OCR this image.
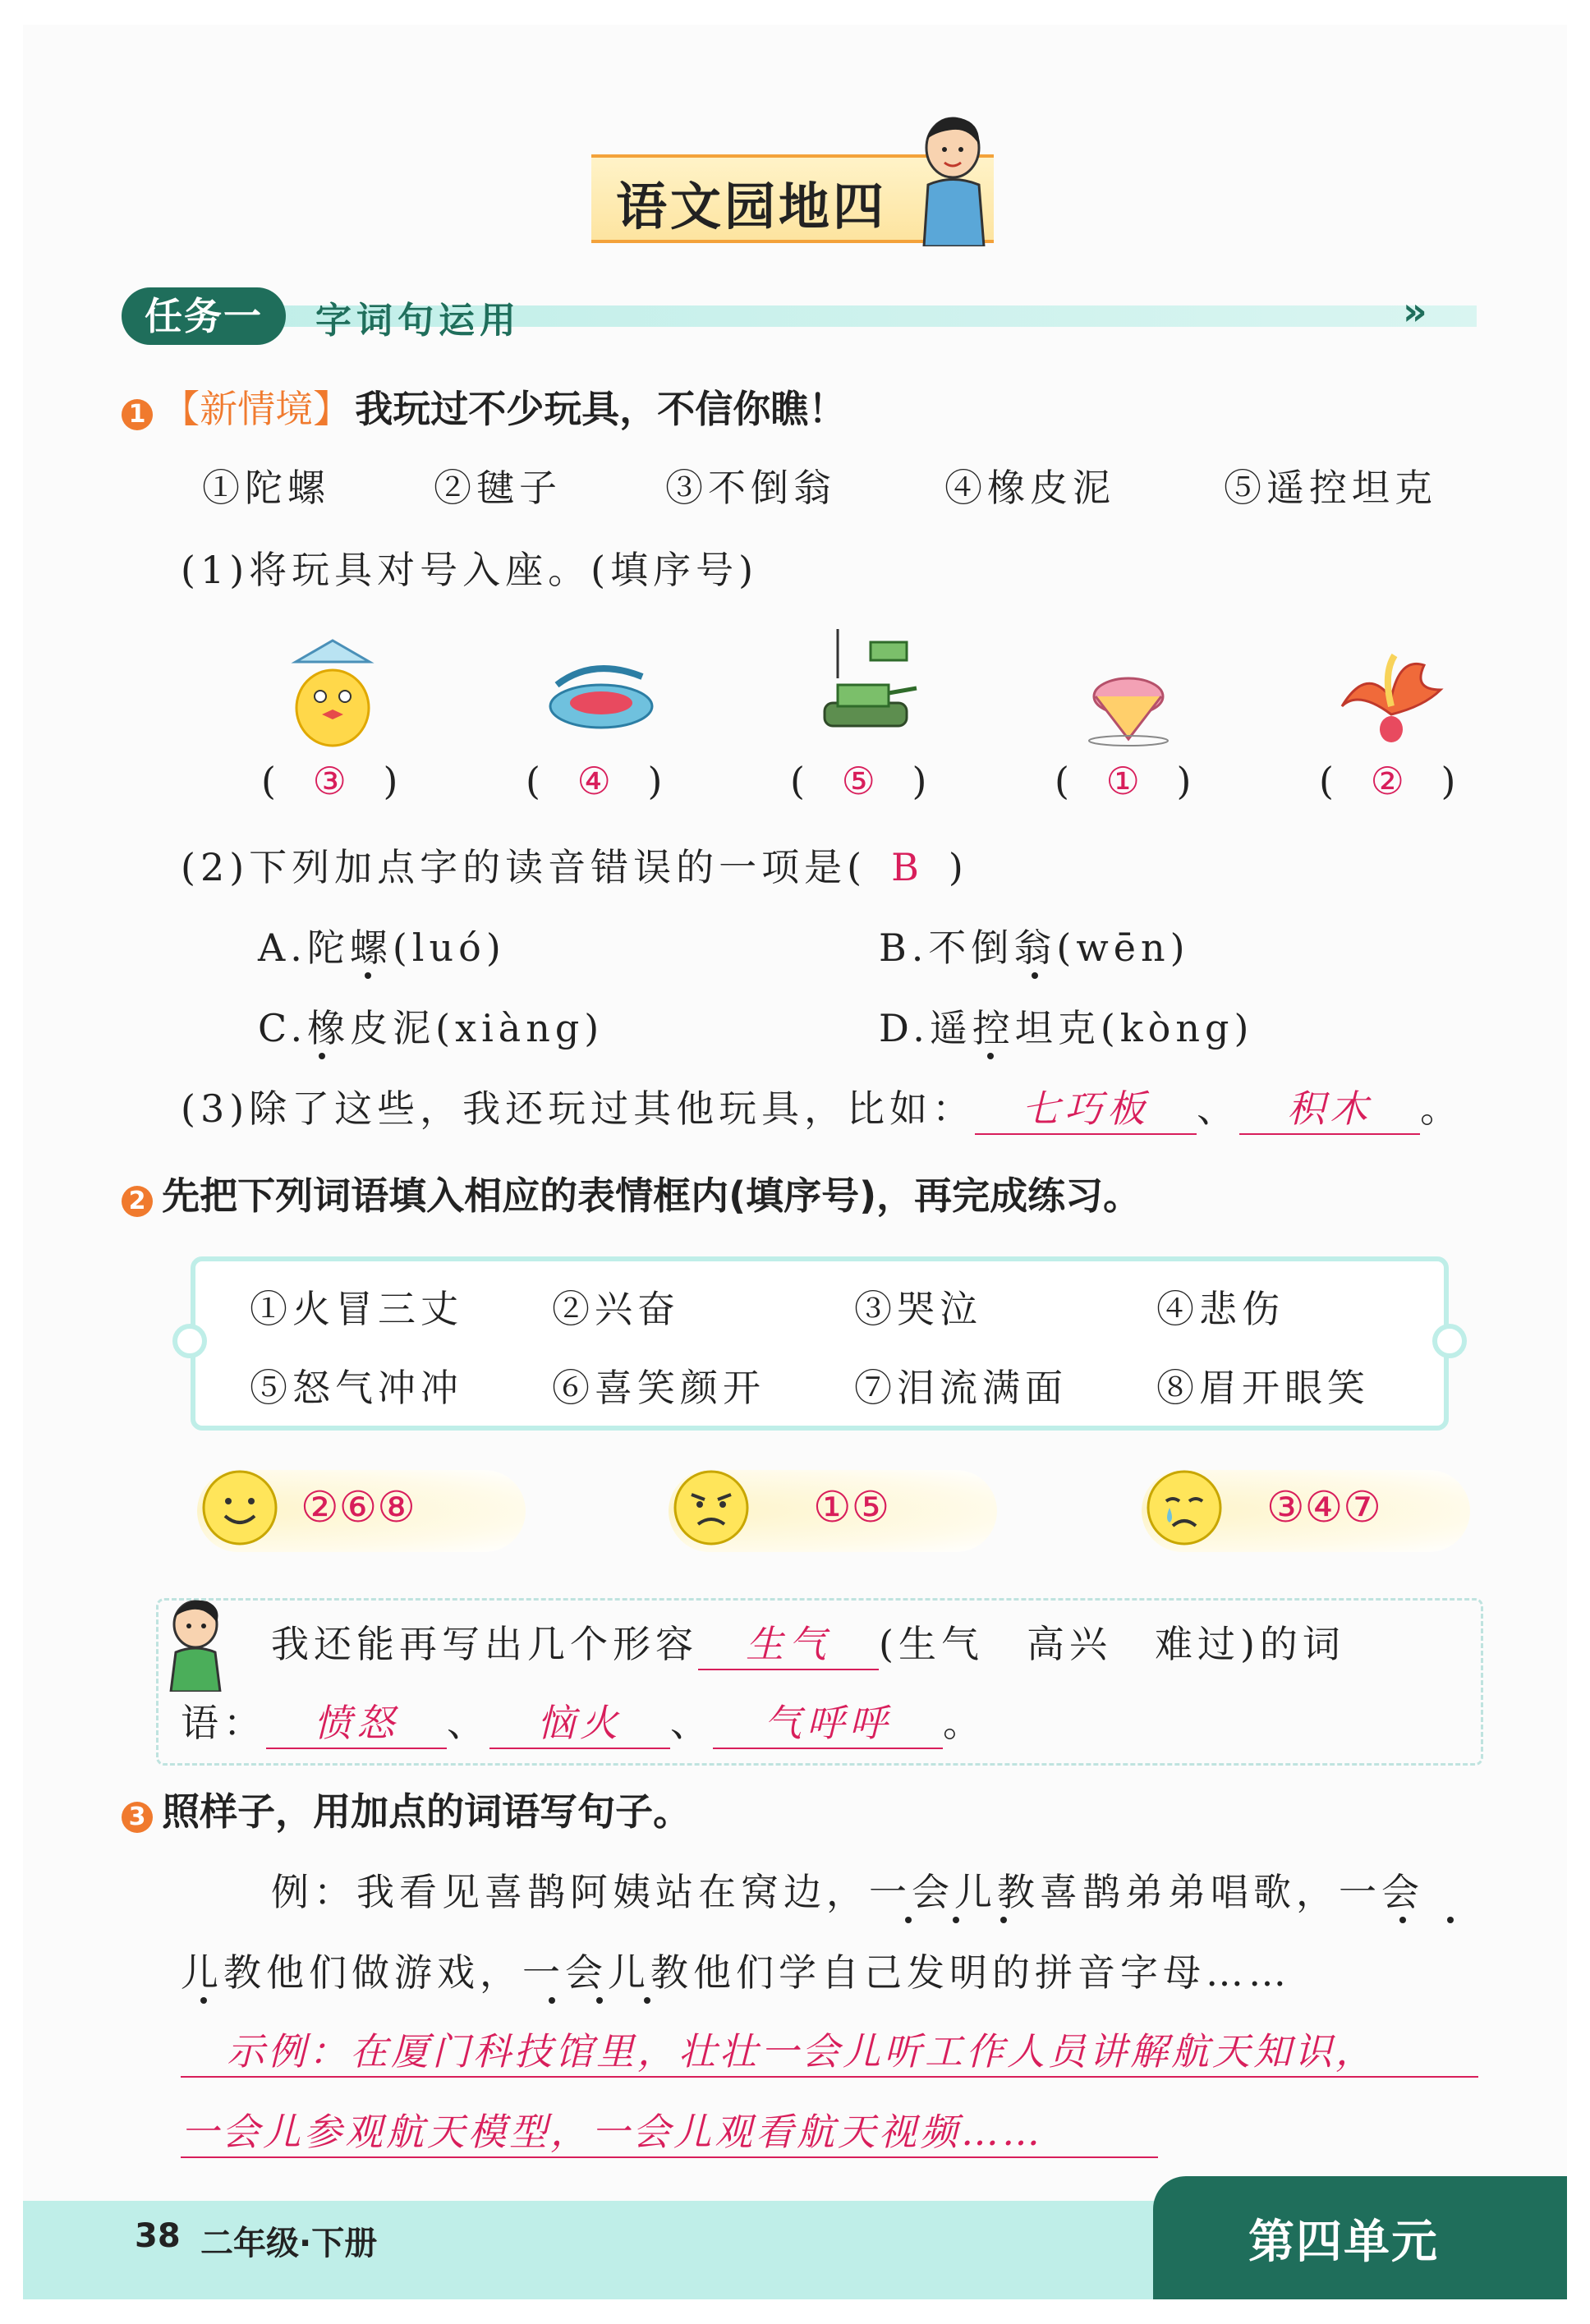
语文园地四
任务一	字词句运用	»
1 【新情境】 我玩过不少玩具，不信你瞧！
①陀螺	②毽子	③不倒翁	④橡皮泥	⑤遥控坦克
(1)将玩具对号入座。(填序号)
( ③ )	( ④ )	( ⑤ )	( ① )	( ② )
(2)下列加点字的读音错误的一项是( B )
A.陀螺(luó)	B.不倒翁(wēn)
C.橡皮泥(xiàng)	D.遥控坦克(kòng)
(3)除了这些，我还玩过其他玩具，比如： 七巧板 、 积木 。
2 先把下列词语填入相应的表情框内(填序号)，再完成练习。
①火冒三丈 ②兴奋	③哭泣	④悲伤
⑤怒气冲冲 ⑥喜笑颜开 ⑦泪流满面 ⑧眉开眼笑
②⑥⑧	①⑤	③④⑦
我还能再写出几个形容 生气 (生气　高兴　难过)的词
语： 愤怒 、 恼火 、 气呼呼 。
3 照样子，用加点的词语写句子。
例：我看见喜鹊阿姨站在窝边，一会儿教喜鹊弟弟唱歌，一会
儿教他们做游戏，一会儿教他们学自己发明的拼音字母……
示例：在厦门科技馆里，壮壮一会儿听工作人员讲解航天知识，
一会儿参观航天模型，一会儿观看航天视频……
38 二年级·下册	第四单元
